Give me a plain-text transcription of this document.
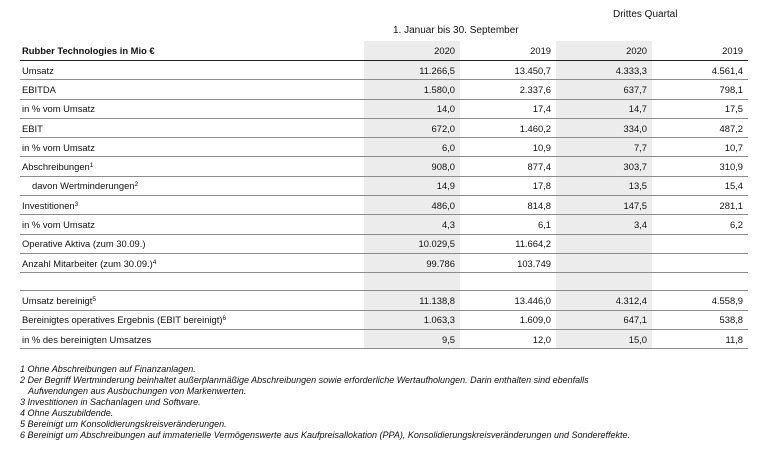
Drittes Quartal
1. Januar bis 30. September
Rubber Technologies in Mio €	2020	2019	2020	2019
Umsatz	11.266,5	13.450,7	4.333,3	4.561,4
EBITDA	1.580,0	2.337,6	637,7	798,1
in % vom Umsatz	14,0	17,4	14,7	17,5
EBIT	672,0	1.460,2	334,0	487,2
in % vom Umsatz	6,0	10,9	7,7	10,7
Abschreibungen$^1$	908,0	877,4	303,7	310,9
davon Wertminderungen$^2$	14,9	17,8	13,5	15,4
Investitionen$^3$	486,0	814,8	147,5	281,1
in % vom Umsatz	4,3	6,1	3,4	6,2
Operative Aktiva (zum 30.09.)	10.029,5	11.664,2		
Anzahl Mitarbeiter (zum 30.09.)$^4$	99.786	103.749		

Umsatz bereinigt$^5$	11.138,8	13.446,0	4.312,4	4.558,9
Bereinigtes operatives Ergebnis (EBIT bereinigt)$^6$	1.063,3	1.609,0	647,1	538,8
in % des bereinigten Umsatzes	9,5	12,0	15,0	11,8
1 Ohne Abschreibungen auf Finanzanlagen.
2 Der Begriff Wertminderung beinhaltet außerplanmäßige Abschreibungen sowie erforderliche Wertaufholungen. Darin enthalten sind ebenfalls
Aufwendungen aus Ausbuchungen von Markenwerten.
3 Investitionen in Sachanlagen und Software.
4 Ohne Auszubildende.
5 Bereinigt um Konsolidierungskreisveränderungen.
6 Bereinigt um Abschreibungen auf immaterielle Vermögenswerte aus Kaufpreisallokation (PPA), Konsolidierungskreisveränderungen und Sondereffekte.
